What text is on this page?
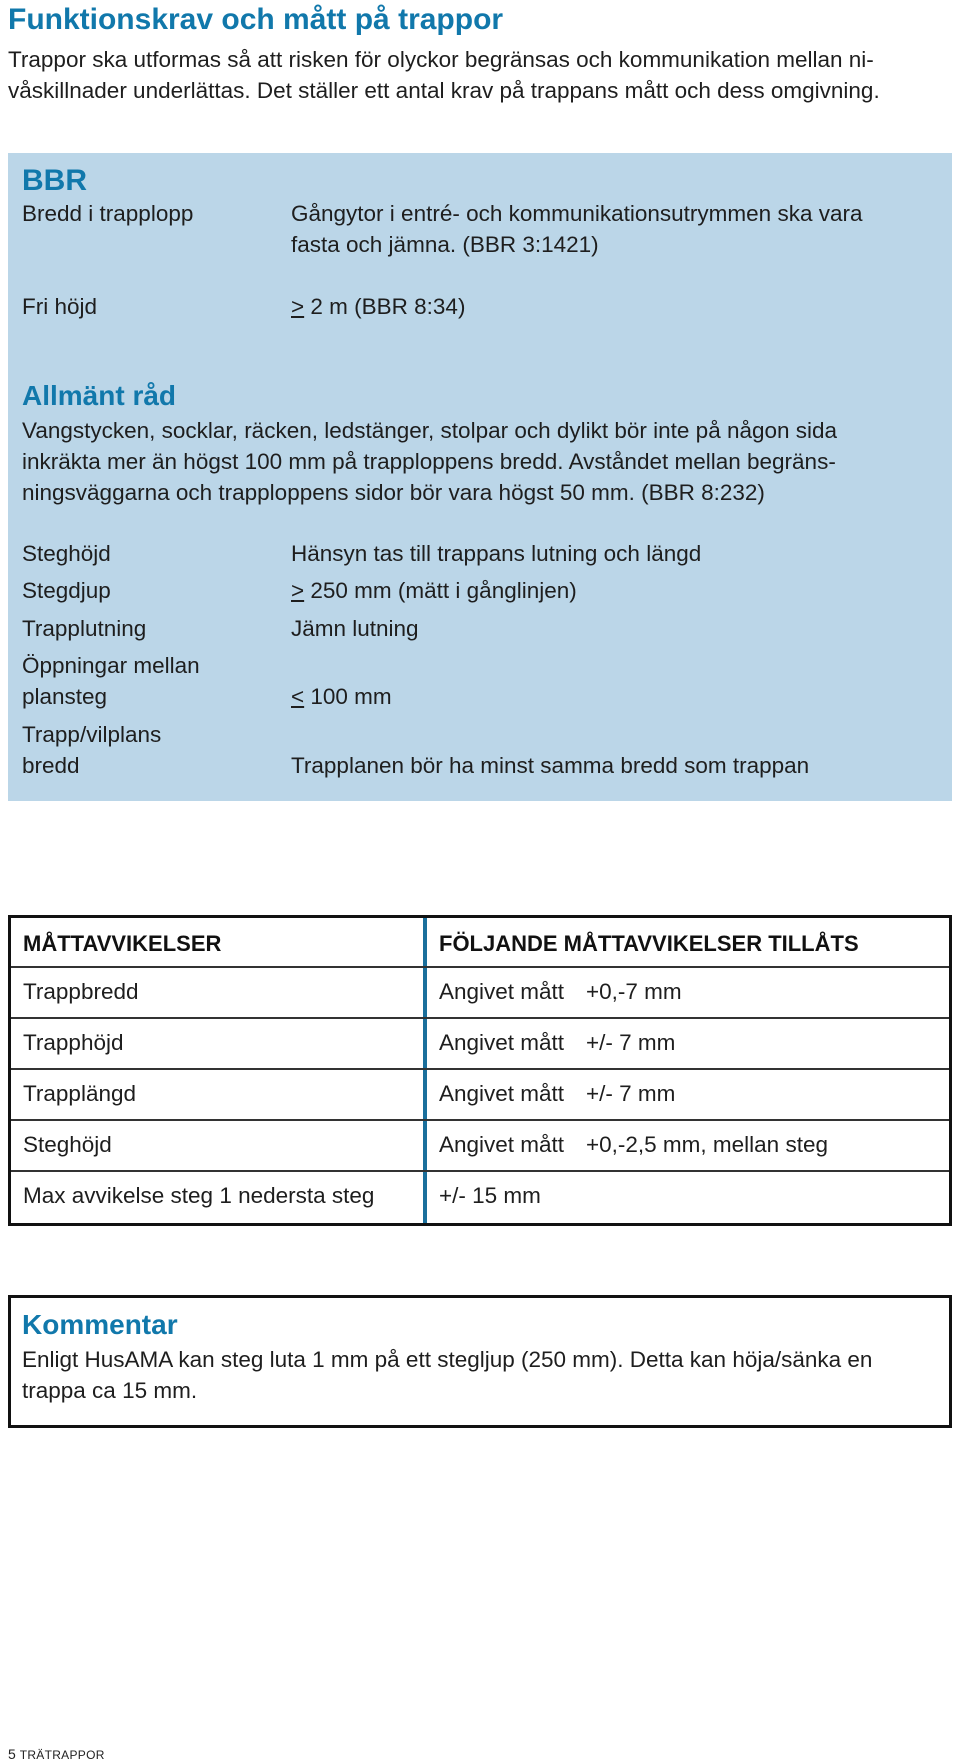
Funktionskrav och mått på trappor
Trappor ska utformas så att risken för olyckor begränsas och kommunikation mellan ni-
våskillnader underlättas. Det ställer ett antal krav på trappans mått och dess omgivning.
BBR
Bredd i trapplopp	Gångytor i entré- och kommunikationsutrymmen ska vara
fasta och jämna. (BBR 3:1421)
Fri höjd	≥ 2 m (BBR 8:34)
Allmänt råd
Vangstycken, socklar, räcken, ledstänger, stolpar och dylikt bör inte på någon sida
inkräkta mer än högst 100 mm på trapploppens bredd. Avståndet mellan begräns-
ningsväggarna och trapploppens sidor bör vara högst 50 mm. (BBR 8:232)
Steghöjd	Hänsyn tas till trappans lutning och längd
Stegdjup	≥ 250 mm (mätt i gånglinjen)
Trapplutning	Jämn lutning
Öppningar mellan
plansteg	≤ 100 mm
Trapp/vilplans
bredd	Trapplanen bör ha minst samma bredd som trappan
MÅTTAVVIKELSER	FÖLJANDE MÅTTAVVIKELSER TILLÅTS
Trappbredd	Angivet mått +0,-7 mm
Trapphöjd	Angivet mått +/- 7 mm
Trapplängd	Angivet mått +/- 7 mm
Steghöjd	Angivet mått +0,-2,5 mm, mellan steg
Max avvikelse steg 1 nedersta steg	+/- 15 mm
Kommentar
Enligt HusAMA kan steg luta 1 mm på ett stegljup (250 mm). Detta kan höja/sänka en
trappa ca 15 mm.
5 TRÄTRAPPOR
